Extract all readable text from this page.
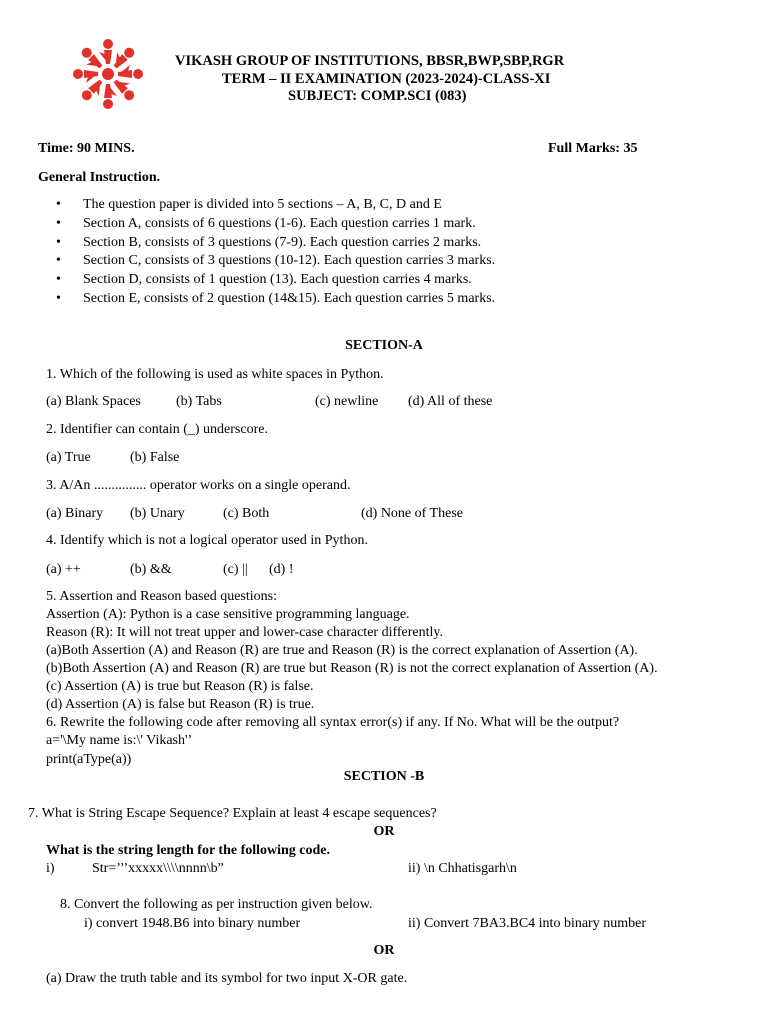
VIKASH GROUP OF INSTITUTIONS, BBSR,BWP,SBP,RGR
TERM – II EXAMINATION (2023-2024)-CLASS-XI
SUBJECT: COMP.SCI (083)
Time: 90 MINS.	Full Marks: 35
General Instruction.
• The question paper is divided into 5 sections – A, B, C, D and E
• Section A, consists of 6 questions (1-6). Each question carries 1 mark.
• Section B, consists of 3 questions (7-9). Each question carries 2 marks.
• Section C, consists of 3 questions (10-12). Each question carries 3 marks.
• Section D, consists of 1 question (13). Each question carries 4 marks.
• Section E, consists of 2 question (14&15). Each question carries 5 marks.
SECTION-A
1. Which of the following is used as white spaces in Python.
(a) Blank Spaces	(b) Tabs	(c) newline (d) All of these
2. Identifier can contain (_) underscore.
(a) True	(b) False
3. A/An ............... operator works on a single operand.
(a) Binary (b) Unary	(c) Both	(d) None of These
4. Identify which is not a logical operator used in Python.
(a) ++	(b) &&	(c) || (d) !
5. Assertion and Reason based questions:
Assertion (A): Python is a case sensitive programming language.
Reason (R): It will not treat upper and lower-case character differently.
(a)Both Assertion (A) and Reason (R) are true and Reason (R) is the correct explanation of Assertion (A).
(b)Both Assertion (A) and Reason (R) are true but Reason (R) is not the correct explanation of Assertion (A).
(c) Assertion (A) is true but Reason (R) is false.
(d) Assertion (A) is false but Reason (R) is true.
6. Rewrite the following code after removing all syntax error(s) if any. If No. What will be the output?
a='\My name is:\' Vikash'’
print(aType(a))
SECTION -B
7. What is String Escape Sequence? Explain at least 4 escape sequences?
OR
What is the string length for the following code.
i)	Str=’’’xxxxx\\\\nnnn\b”	ii) \n Chhatisgarh\n
8. Convert the following as per instruction given below.
i) convert 1948.B6 into binary number	ii) Convert 7BA3.BC4 into binary number
OR
(a) Draw the truth table and its symbol for two input X-OR gate.
